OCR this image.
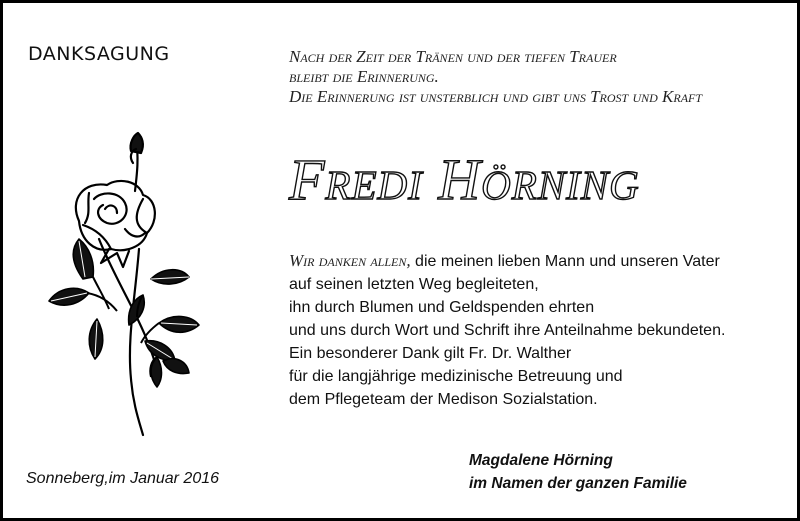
DANKSAGUNG	Nach der Zeit der Tränen und der tiefen Trauer
bleibt die Erinnerung.
Die Erinnerung ist unsterblich und gibt uns Trost und Kraft
Fredi Hörning
Wir danken allen, die meinen lieben Mann und unseren Vater
auf seinen letzten Weg begleiteten,
ihn durch Blumen und Geldspenden ehrten
und uns durch Wort und Schrift ihre Anteilnahme bekundeten.
Ein besonderer Dank gilt Fr. Dr. Walther
für die langjährige medizinische Betreuung und
dem Pflegeteam der Medison Sozialstation.
Sonneberg,im Januar 2016
Magdalene Hörning
im Namen der ganzen Familie
